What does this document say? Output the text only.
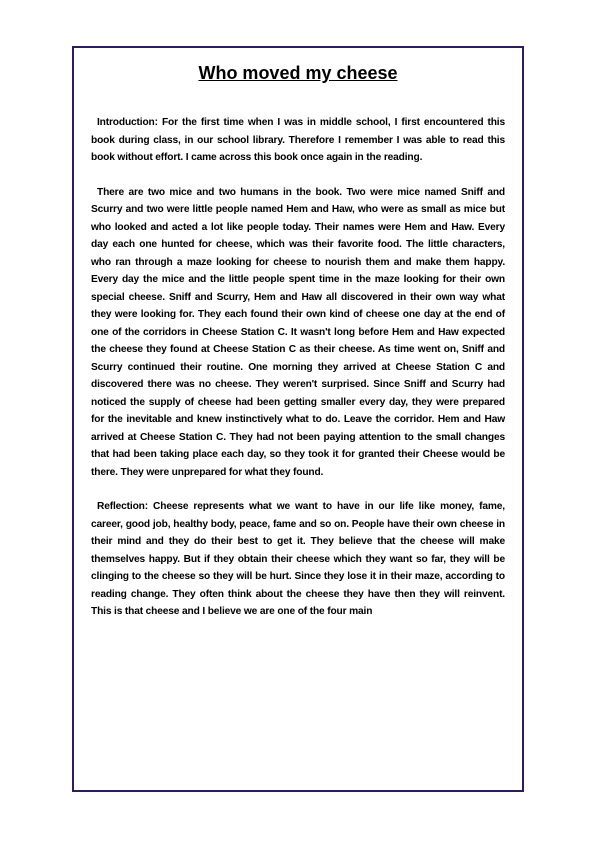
Who moved my cheese

Introduction: For the first time when I was in middle school, I first encountered this book during class, in our school library. Therefore I remember I was able to read this book without effort. I came across this book once again in the reading.

There are two mice and two humans in the book. Two were mice named Sniff and Scurry and two were little people named Hem and Haw, who were as small as mice but who looked and acted a lot like people today. Their names were Hem and Haw. Every day each one hunted for cheese, which was their favorite food. The little characters, who ran through a maze looking for cheese to nourish them and make them happy. Every day the mice and the little people spent time in the maze looking for their own special cheese. Sniff and Scurry, Hem and Haw all discovered in their own way what they were looking for. They each found their own kind of cheese one day at the end of one of the corridors in Cheese Station C. It wasn't long before Hem and Haw expected the cheese they found at Cheese Station C as their cheese. As time went on, Sniff and Scurry continued their routine. One morning they arrived at Cheese Station C and discovered there was no cheese. They weren't surprised. Since Sniff and Scurry had noticed the supply of cheese had been getting smaller every day, they were prepared for the inevitable and knew instinctively what to do. Leave the corridor. Hem and Haw arrived at Cheese Station C. They had not been paying attention to the small changes that had been taking place each day, so they took it for granted their Cheese would be there. They were unprepared for what they found.

Reflection: Cheese represents what we want to have in our life like money, fame, career, good job, healthy body, peace, fame and so on. People have their own cheese in their mind and they do their best to get it. They believe that the cheese will make themselves happy. But if they obtain their cheese which they want so far, they will be clinging to the cheese so they will be hurt. Since they lose it in their maze, according to reading change. They often think about the cheese they have then they will reinvent. This is that cheese and I believe we are one of the four main
